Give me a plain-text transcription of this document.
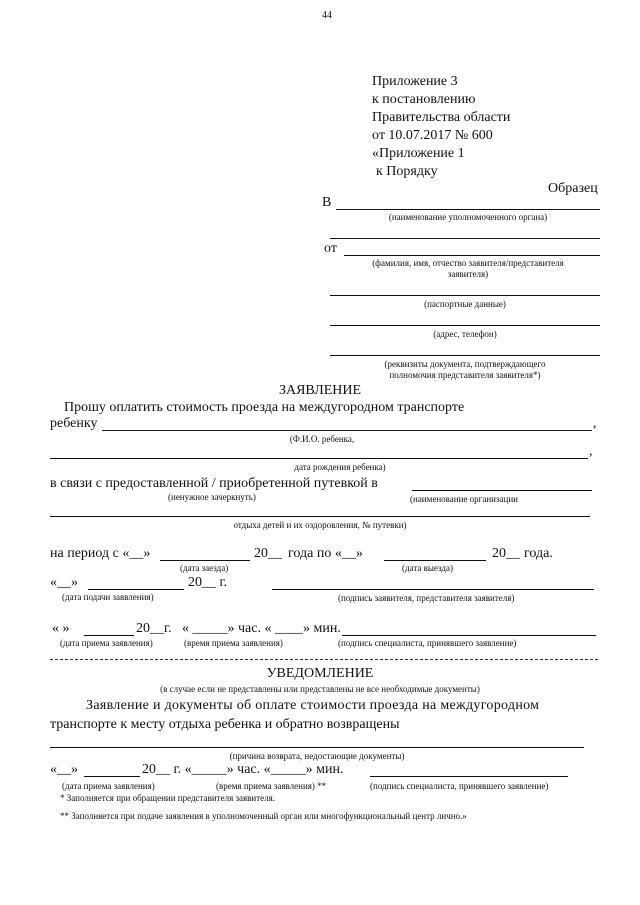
44
Приложение 3
к постановлению
Правительства области
от 10.07.2017 № 600
«Приложение 1
к Порядку
Образец
В
(наименование уполномоченного органа)
от
(фамилия, имя, отчество заявителя/представителя
заявителя)
(паспортные данные)
(адрес, телефон)
(реквизиты документа, подтверждающего
полномочия представителя заявителя*)
ЗАЯВЛЕНИЕ
Прошу оплатить стоимость проезда на междугородном транспорте
ребенку	,
(Ф.И.О. ребенка,
,
дата рождения ребенка)
в связи с предоставленной / приобретенной путевкой в
(ненужное зачеркнуть)	(наименование организации
отдыха детей и их оздоровления, № путевки)
на период с «__»	20__ года по «__»	20__ года.
(дата заезда)	(дата выезда)
«__»	20__ г.
(дата подачи заявления)	(подпись заявителя, представителя заявителя)
« »	20__г. « _____» час. « ____» мин.
(дата приема заявления)	(время приема заявления)	(подпись специалиста, принявшего заявление)
УВЕДОМЛЕНИЕ
(в случае если не представлены или представлены не все необходимые документы)
Заявление и документы об оплате стоимости проезда на междугородном
транспорте к месту отдыха ребенка и обратно возвращены
(причина возврата, недостающие документы)
«__»	20__ г. «_____» час. «_____» мин.
(дата приема заявления)	(время приема заявления) **	(подпись специалиста, принявшего заявление)
* Заполняется при обращении представителя заявителя.
** Заполняется при подаче заявления в уполномоченный орган или многофункциональный центр лично.»
